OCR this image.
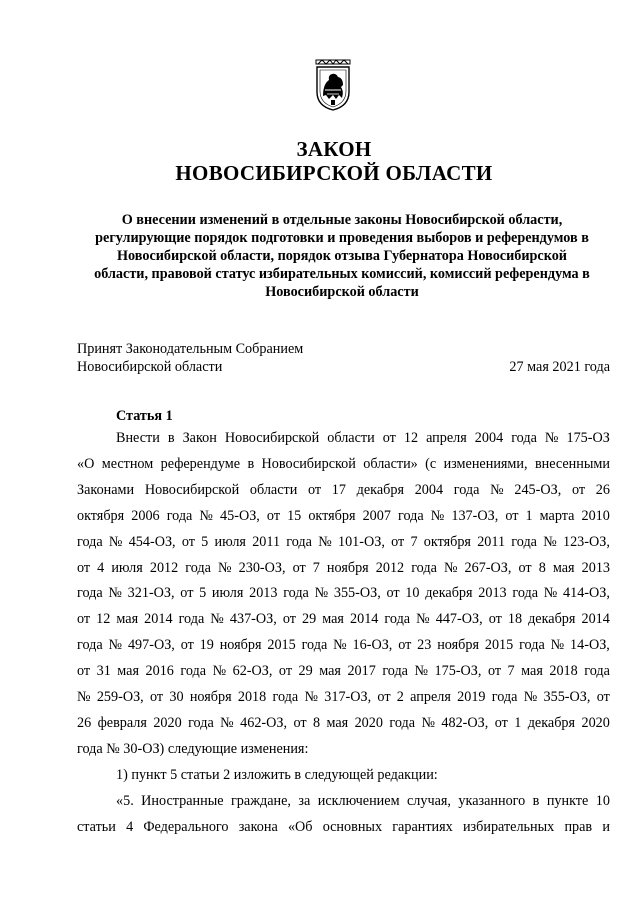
ЗАКОН
НОВОСИБИРСКОЙ ОБЛАСТИ
О внесении изменений в отдельные законы Новосибирской области,
регулирующие порядок подготовки и проведения выборов и референдумов в
Новосибирской области, порядок отзыва Губернатора Новосибирской
области, правовой статус избирательных комиссий, комиссий референдума в
Новосибирской области
Принят Законодательным Собранием
Новосибирской области	27 мая 2021 года
Статья 1
Внести в Закон Новосибирской области от 12 апреля 2004 года № 175-ОЗ
«О местном референдуме в Новосибирской области» (с изменениями, внесенными
Законами Новосибирской области от 17 декабря 2004 года № 245-ОЗ, от 26
октября 2006 года № 45-ОЗ, от 15 октября 2007 года № 137-ОЗ, от 1 марта 2010
года № 454-ОЗ, от 5 июля 2011 года № 101-ОЗ, от 7 октября 2011 года № 123-ОЗ,
от 4 июля 2012 года № 230-ОЗ, от 7 ноября 2012 года № 267-ОЗ, от 8 мая 2013
года № 321-ОЗ, от 5 июля 2013 года № 355-ОЗ, от 10 декабря 2013 года № 414-ОЗ,
от 12 мая 2014 года № 437-ОЗ, от 29 мая 2014 года № 447-ОЗ, от 18 декабря 2014
года № 497-ОЗ, от 19 ноября 2015 года № 16-ОЗ, от 23 ноября 2015 года № 14-ОЗ,
от 31 мая 2016 года № 62-ОЗ, от 29 мая 2017 года № 175-ОЗ, от 7 мая 2018 года
№ 259-ОЗ, от 30 ноября 2018 года № 317-ОЗ, от 2 апреля 2019 года № 355-ОЗ, от
26 февраля 2020 года № 462-ОЗ, от 8 мая 2020 года № 482-ОЗ, от 1 декабря 2020
года № 30-ОЗ) следующие изменения:
1) пункт 5 статьи 2 изложить в следующей редакции:
«5. Иностранные граждане, за исключением случая, указанного в пункте 10
статьи 4 Федерального закона «Об основных гарантиях избирательных прав и
